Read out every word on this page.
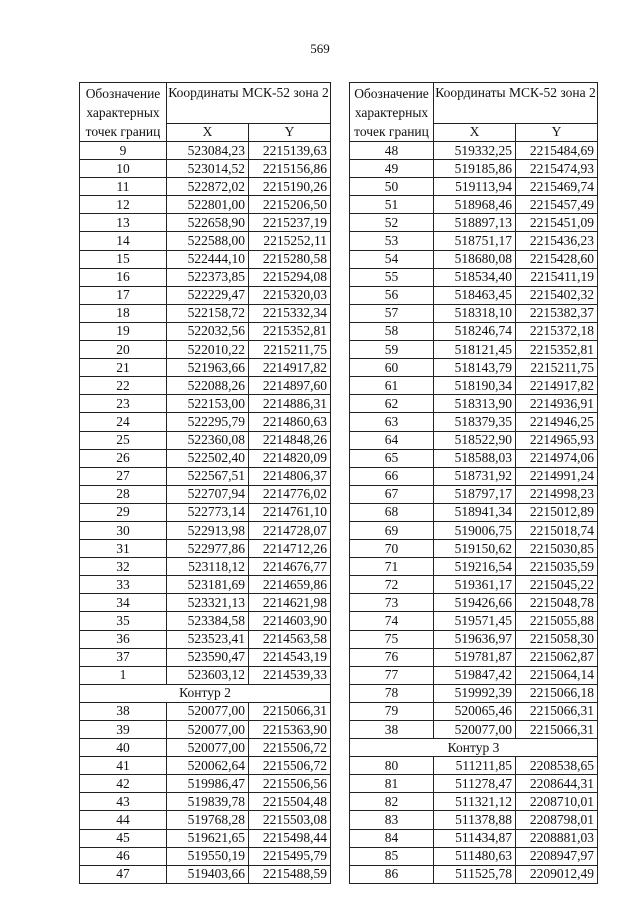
569
Обозначение характерных точек границ	Координаты МСК-52 зона 2	
	X	Y
9	523084,23	2215139,63
10	523014,52	2215156,86
11	522872,02	2215190,26
12	522801,00	2215206,50
13	522658,90	2215237,19
14	522588,00	2215252,11
15	522444,10	2215280,58
16	522373,85	2215294,08
17	522229,47	2215320,03
18	522158,72	2215332,34
19	522032,56	2215352,81
20	522010,22	2215211,75
21	521963,66	2214917,82
22	522088,26	2214897,60
23	522153,00	2214886,31
24	522295,79	2214860,63
25	522360,08	2214848,26
26	522502,40	2214820,09
27	522567,51	2214806,37
28	522707,94	2214776,02
29	522773,14	2214761,10
30	522913,98	2214728,07
31	522977,86	2214712,26
32	523118,12	2214676,77
33	523181,69	2214659,86
34	523321,13	2214621,98
35	523384,58	2214603,90
36	523523,41	2214563,58
37	523590,47	2214543,19
1	523603,12	2214539,33
Контур 2		
38	520077,00	2215066,31
39	520077,00	2215363,90
40	520077,00	2215506,72
41	520062,64	2215506,72
42	519986,47	2215506,56
43	519839,78	2215504,48
44	519768,28	2215503,08
45	519621,65	2215498,44
46	519550,19	2215495,79
47	519403,66	2215488,59
Обозначение характерных точек границ	Координаты МСК-52 зона 2	
	X	Y
48	519332,25	2215484,69
49	519185,86	2215474,93
50	519113,94	2215469,74
51	518968,46	2215457,49
52	518897,13	2215451,09
53	518751,17	2215436,23
54	518680,08	2215428,60
55	518534,40	2215411,19
56	518463,45	2215402,32
57	518318,10	2215382,37
58	518246,74	2215372,18
59	518121,45	2215352,81
60	518143,79	2215211,75
61	518190,34	2214917,82
62	518313,90	2214936,91
63	518379,35	2214946,25
64	518522,90	2214965,93
65	518588,03	2214974,06
66	518731,92	2214991,24
67	518797,17	2214998,23
68	518941,34	2215012,89
69	519006,75	2215018,74
70	519150,62	2215030,85
71	519216,54	2215035,59
72	519361,17	2215045,22
73	519426,66	2215048,78
74	519571,45	2215055,88
75	519636,97	2215058,30
76	519781,87	2215062,87
77	519847,42	2215064,14
78	519992,39	2215066,18
79	520065,46	2215066,31
38	520077,00	2215066,31
Контур 3		
80	511211,85	2208538,65
81	511278,47	2208644,31
82	511321,12	2208710,01
83	511378,88	2208798,01
84	511434,87	2208881,03
85	511480,63	2208947,97
86	511525,78	2209012,49
